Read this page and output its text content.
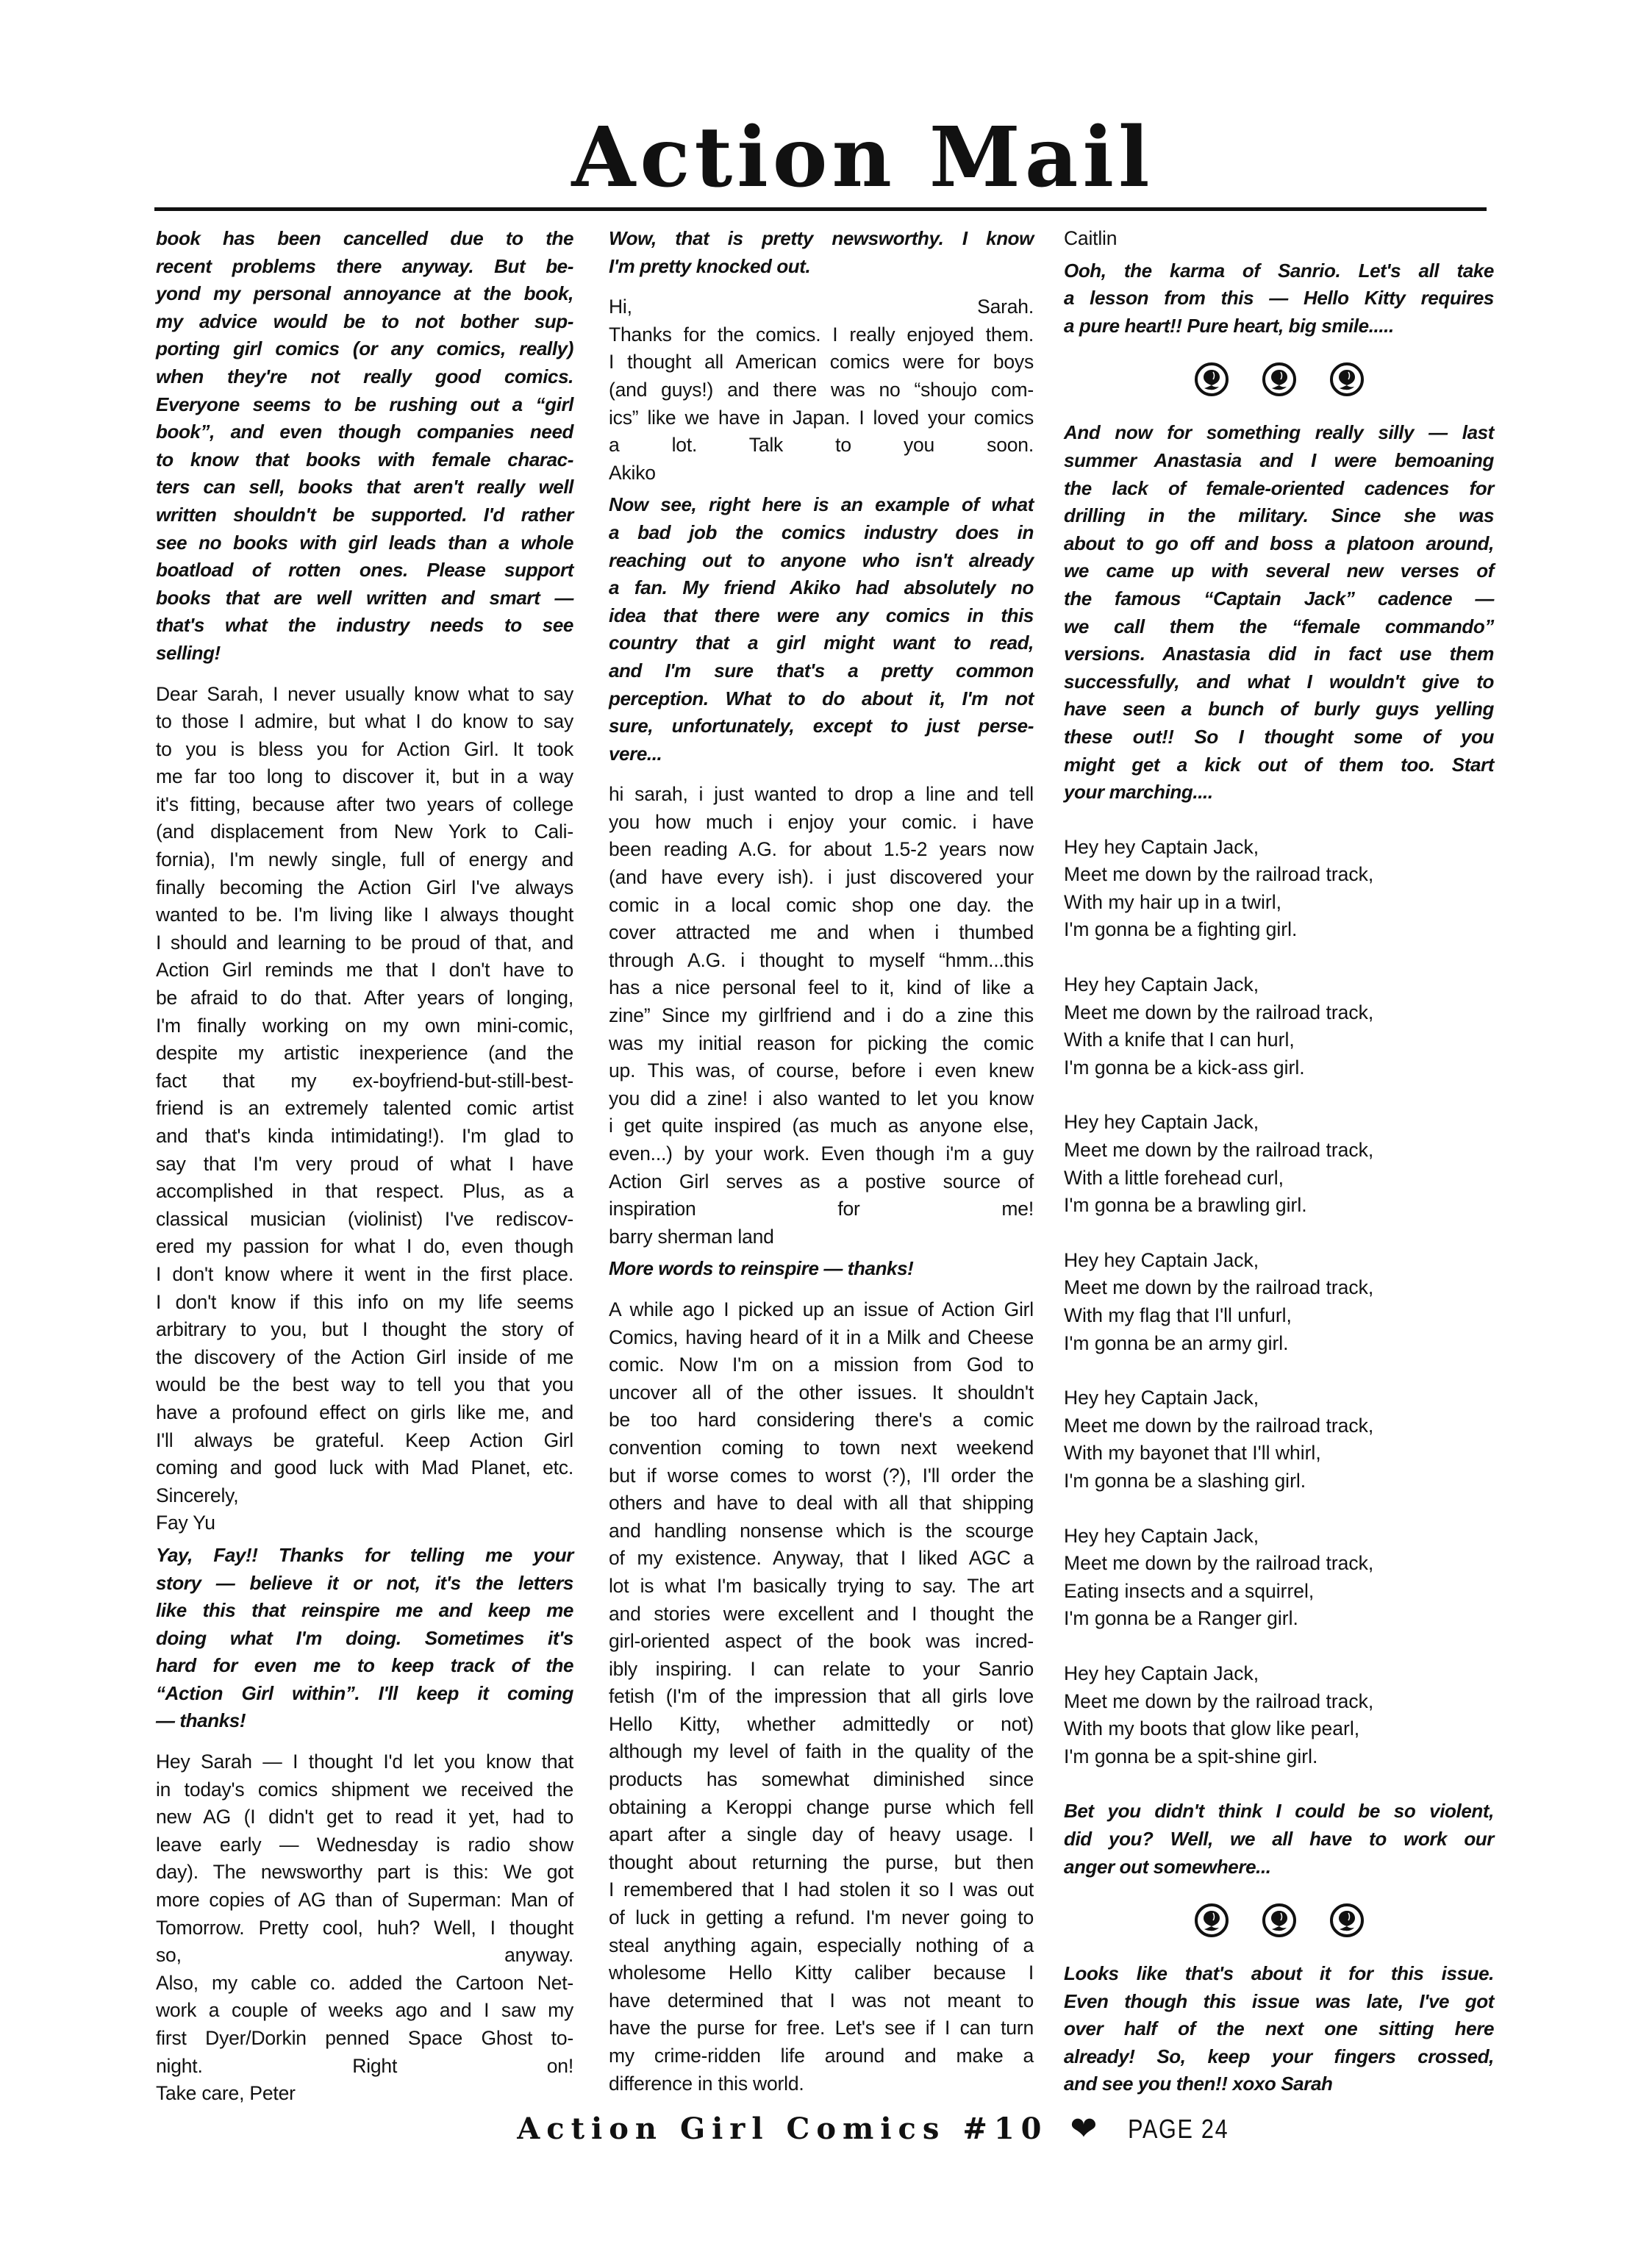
Action Mail
book has been cancelled due to the
recent problems there anyway. But be-
yond my personal annoyance at the book,
my advice would be to not bother sup-
porting girl comics (or any comics, really)
when they're not really good comics.
Everyone seems to be rushing out a “girl
book”, and even though companies need
to know that books with female charac-
ters can sell, books that aren't really well
written shouldn't be supported. I'd rather
see no books with girl leads than a whole
boatload of rotten ones. Please support
books that are well written and smart —
that's what the industry needs to see
selling!
Dear Sarah, I never usually know what to say
to those I admire, but what I do know to say
to you is bless you for Action Girl. It took
me far too long to discover it, but in a way
it's fitting, because after two years of college
(and displacement from New York to Cali-
fornia), I'm newly single, full of energy and
finally becoming the Action Girl I've always
wanted to be. I'm living like I always thought
I should and learning to be proud of that, and
Action Girl reminds me that I don't have to
be afraid to do that. After years of longing,
I'm finally working on my own mini-comic,
despite my artistic inexperience (and the
fact that my ex-boyfriend-but-still-best-
friend is an extremely talented comic artist
and that's kinda intimidating!). I'm glad to
say that I'm very proud of what I have
accomplished in that respect. Plus, as a
classical musician (violinist) I've rediscov-
ered my passion for what I do, even though
I don't know where it went in the first place.
I don't know if this info on my life seems
arbitrary to you, but I thought the story of
the discovery of the Action Girl inside of me
would be the best way to tell you that you
have a profound effect on girls like me, and
I'll always be grateful. Keep Action Girl
coming and good luck with Mad Planet, etc.
Sincerely,
Fay Yu
Yay, Fay!! Thanks for telling me your
story — believe it or not, it's the letters
like this that reinspire me and keep me
doing what I'm doing. Sometimes it's
hard for even me to keep track of the
“Action Girl within”. I'll keep it coming
— thanks!
Hey Sarah — I thought I'd let you know that
in today's comics shipment we received the
new AG (I didn't get to read it yet, had to
leave early — Wednesday is radio show
day). The newsworthy part is this: We got
more copies of AG than of Superman: Man of
Tomorrow. Pretty cool, huh? Well, I thought
so, anyway.
Also, my cable co. added the Cartoon Net-
work a couple of weeks ago and I saw my
first Dyer/Dorkin penned Space Ghost to-
night. Right on!
Take care, Peter
Wow, that is pretty newsworthy. I know
I'm pretty knocked out.
Hi, Sarah.
Thanks for the comics. I really enjoyed them.
I thought all American comics were for boys
(and guys!) and there was no “shoujo com-
ics” like we have in Japan. I loved your comics
a lot. Talk to you soon.
Akiko
Now see, right here is an example of what
a bad job the comics industry does in
reaching out to anyone who isn't already
a fan. My friend Akiko had absolutely no
idea that there were any comics in this
country that a girl might want to read,
and I'm sure that's a pretty common
perception. What to do about it, I'm not
sure, unfortunately, except to just perse-
vere...
hi sarah, i just wanted to drop a line and tell
you how much i enjoy your comic. i have
been reading A.G. for about 1.5-2 years now
(and have every ish). i just discovered your
comic in a local comic shop one day. the
cover attracted me and when i thumbed
through A.G. i thought to myself “hmm...this
has a nice personal feel to it, kind of like a
zine” Since my girlfriend and i do a zine this
was my initial reason for picking the comic
up. This was, of course, before i even knew
you did a zine! i also wanted to let you know
i get quite inspired (as much as anyone else,
even...) by your work. Even though i'm a guy
Action Girl serves as a postive source of
inspiration for me!
barry sherman land
More words to reinspire — thanks!
A while ago I picked up an issue of Action Girl
Comics, having heard of it in a Milk and Cheese
comic. Now I'm on a mission from God to
uncover all of the other issues. It shouldn't
be too hard considering there's a comic
convention coming to town next weekend
but if worse comes to worst (?), I'll order the
others and have to deal with all that shipping
and handling nonsense which is the scourge
of my existence. Anyway, that I liked AGC a
lot is what I'm basically trying to say. The art
and stories were excellent and I thought the
girl-oriented aspect of the book was incred-
ibly inspiring. I can relate to your Sanrio
fetish (I'm of the impression that all girls love
Hello Kitty, whether admittedly or not)
although my level of faith in the quality of the
products has somewhat diminished since
obtaining a Keroppi change purse which fell
apart after a single day of heavy usage. I
thought about returning the purse, but then
I remembered that I had stolen it so I was out
of luck in getting a refund. I'm never going to
steal anything again, especially nothing of a
wholesome Hello Kitty caliber because I
have determined that I was not meant to
have the purse for free. Let's see if I can turn
my crime-ridden life around and make a
difference in this world.
Caitlin
Ooh, the karma of Sanrio. Let's all take
a lesson from this — Hello Kitty requires
a pure heart!! Pure heart, big smile.....
And now for something really silly — last
summer Anastasia and I were bemoaning
the lack of female-oriented cadences for
drilling in the military. Since she was
about to go off and boss a platoon around,
we came up with several new verses of
the famous “Captain Jack” cadence —
we call them the “female commando”
versions. Anastasia did in fact use them
successfully, and what I wouldn't give to
have seen a bunch of burly guys yelling
these out!! So I thought some of you
might get a kick out of them too. Start
your marching....
Hey hey Captain Jack,
Meet me down by the railroad track,
With my hair up in a twirl,
I'm gonna be a fighting girl.
Hey hey Captain Jack,
Meet me down by the railroad track,
With a knife that I can hurl,
I'm gonna be a kick-ass girl.
Hey hey Captain Jack,
Meet me down by the railroad track,
With a little forehead curl,
I'm gonna be a brawling girl.
Hey hey Captain Jack,
Meet me down by the railroad track,
With my flag that I'll unfurl,
I'm gonna be an army girl.
Hey hey Captain Jack,
Meet me down by the railroad track,
With my bayonet that I'll whirl,
I'm gonna be a slashing girl.
Hey hey Captain Jack,
Meet me down by the railroad track,
Eating insects and a squirrel,
I'm gonna be a Ranger girl.
Hey hey Captain Jack,
Meet me down by the railroad track,
With my boots that glow like pearl,
I'm gonna be a spit-shine girl.
Bet you didn't think I could be so violent,
did you? Well, we all have to work our
anger out somewhere...
Looks like that's about it for this issue.
Even though this issue was late, I've got
over half of the next one sitting here
already! So, keep your fingers crossed,
and see you then!! xoxo Sarah
Action Girl Comics #10 ❤ PAGE 24
